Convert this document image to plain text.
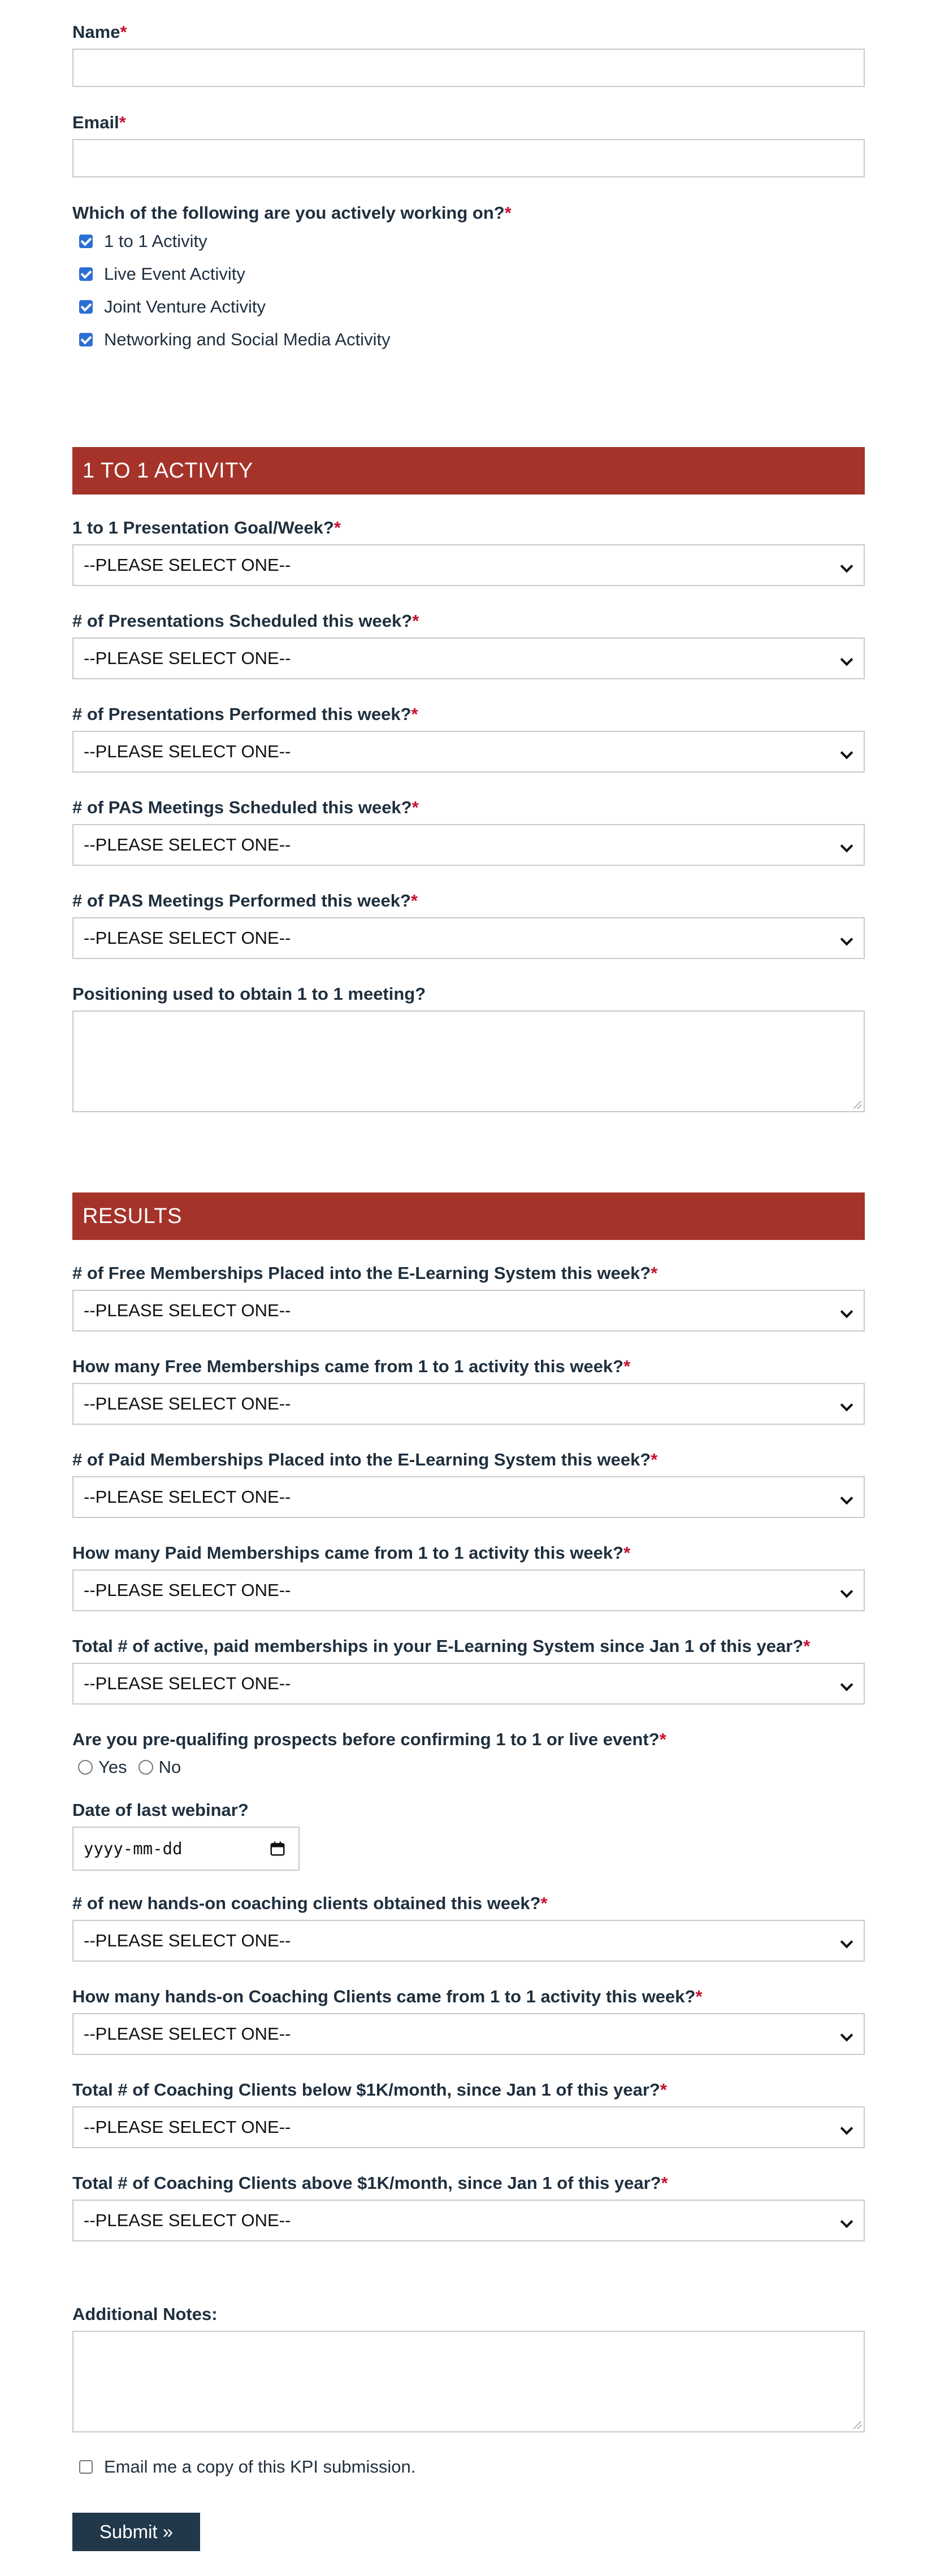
Name*
Email*
Which of the following are you actively working on?*
1 to 1 Activity
Live Event Activity
Joint Venture Activity
Networking and Social Media Activity
1 TO 1 ACTIVITY
1 to 1 Presentation Goal/Week?*
--PLEASE SELECT ONE--
# of Presentations Scheduled this week?*
--PLEASE SELECT ONE--
# of Presentations Performed this week?*
--PLEASE SELECT ONE--
# of PAS Meetings Scheduled this week?*
--PLEASE SELECT ONE--
# of PAS Meetings Performed this week?*
--PLEASE SELECT ONE--
Positioning used to obtain 1 to 1 meeting?
RESULTS
# of Free Memberships Placed into the E-Learning System this week?*
--PLEASE SELECT ONE--
How many Free Memberships came from 1 to 1 activity this week?*
--PLEASE SELECT ONE--
# of Paid Memberships Placed into the E-Learning System this week?*
--PLEASE SELECT ONE--
How many Paid Memberships came from 1 to 1 activity this week?*
--PLEASE SELECT ONE--
Total # of active, paid memberships in your E-Learning System since Jan 1 of this year?*
--PLEASE SELECT ONE--
Are you pre-qualifing prospects before confirming 1 to 1 or live event?*
Yes No
Date of last webinar?
yyyy-mm-dd
# of new hands-on coaching clients obtained this week?*
--PLEASE SELECT ONE--
How many hands-on Coaching Clients came from 1 to 1 activity this week?*
--PLEASE SELECT ONE--
Total # of Coaching Clients below $1K/month, since Jan 1 of this year?*
--PLEASE SELECT ONE--
Total # of Coaching Clients above $1K/month, since Jan 1 of this year?*
--PLEASE SELECT ONE--
Additional Notes:
Email me a copy of this KPI submission.
Submit »
